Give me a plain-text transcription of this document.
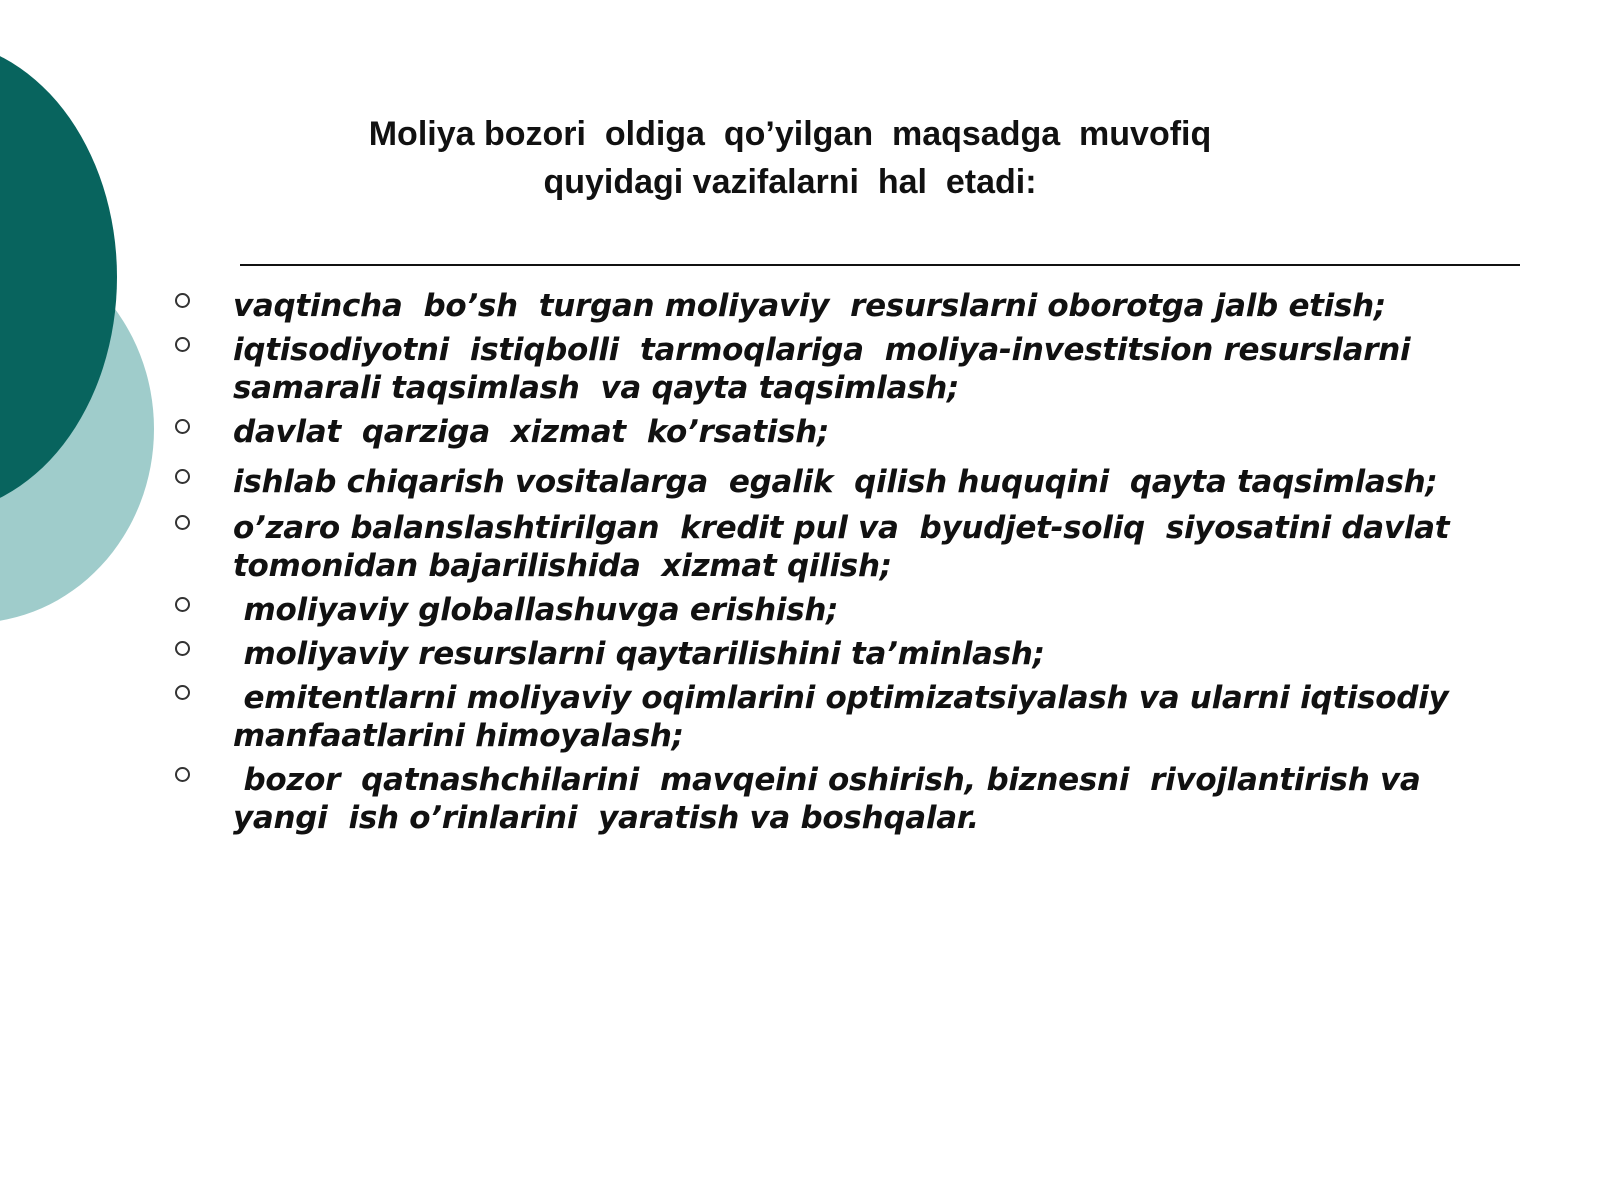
Moliya bozori  oldiga  qo’yilgan  maqsadga  muvofiq
quyidagi vazifalarni  hal  etadi:
vaqtincha  bo’sh  turgan moliyaviy  resurslarni oborotga jalb etish;
iqtisodiyotni  istiqbolli  tarmoqlariga  moliya-investitsion resurslarni samarali taqsimlash  va qayta taqsimlash;
davlat  qarziga  xizmat  ko’rsatish;
ishlab chiqarish vositalarga  egalik  qilish huquqini  qayta taqsimlash;
o’zaro balanslashtirilgan  kredit pul va  byudjet-soliq  siyosatini davlat  tomonidan bajarilishida  xizmat qilish;
moliyaviy globallashuvga erishish;
moliyaviy resurslarni qaytarilishini ta’minlash;
emitentlarni moliyaviy oqimlarini optimizatsiyalash va ularni iqtisodiy     manfaatlarini himoyalash;
bozor  qatnashchilarini  mavqeini oshirish, biznesni  rivojlantirish va yangi  ish o’rinlarini  yaratish va boshqalar.
